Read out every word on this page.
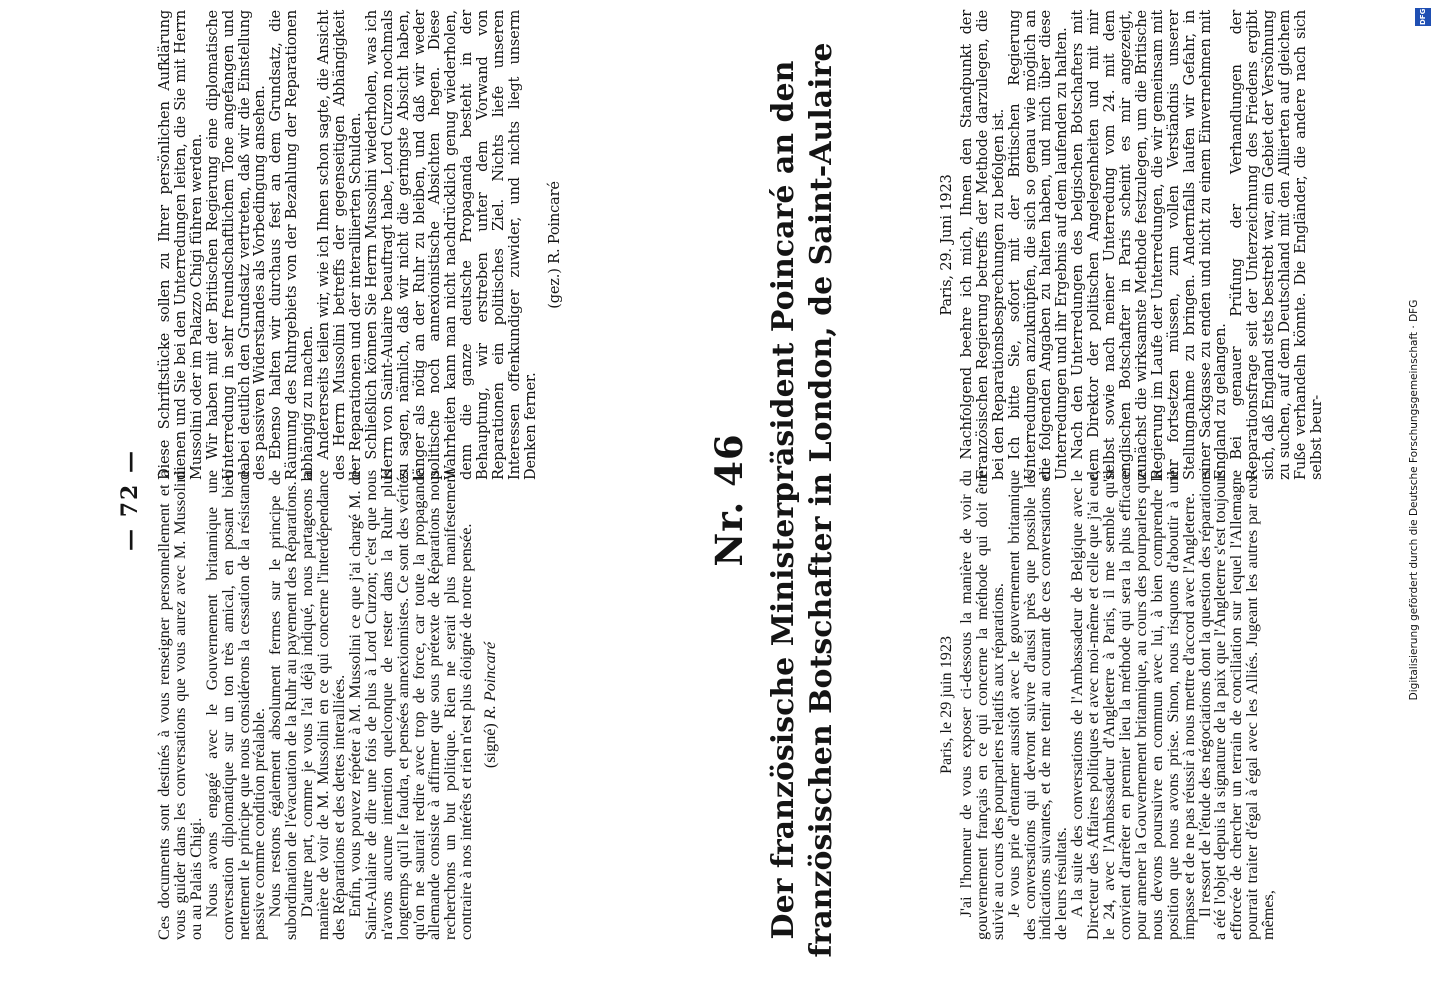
DFG
Digitalisierung gefördert durch die Deutsche Forschungsgemeinschaft · DFG
— 72 — Ces documents sont destinés à vous renseigner personnellement et à vous guider dans les conversations que vous aurez avec M. Mussolini ou au Palais Chigi.

Nous avons engagé avec le Gouvernement britannique une conversation diplomatique sur un ton très amical, en posant bien nettement le principe que nous considérons la cessation de la résistance passive comme condition préalable.

Nous restons également absolument fermes sur le principe de subordination de l'évacuation de la Ruhr au payement des Réparations.

D'autre part, comme je vous l'ai déjà indiqué, nous partageons la manière de voir de M. Mussolini en ce qui concerne l'interdépendance des Réparations et des dettes interalliées.

Enfin, vous pouvez répéter à M. Mussolini ce que j'ai chargé M. de Saint-Aulaire de dire une fois de plus à Lord Curzon; c'est que nous n'avons aucune intention quelconque de rester dans la Ruhr plus longtemps qu'il le faudra, et pensées annexionnistes. Ce sont des vérités qu'on ne saurait redire avec trop de force, car toute la propagande allemande consiste à affirmer que sous prétexte de Réparations nous recherchons un but politique. Rien ne serait plus manifestement contraire à nos intérêts et rien n'est plus éloigné de notre pensée. (signé) R. Poincaré

Diese Schriftstücke sollen zu Ihrer persönlichen Aufklärung dienen und Sie bei den Unterredungen leiten, die Sie mit Herrn Mussolini oder im Palazzo Chigi führen werden.

Wir haben mit der Britischen Regierung eine diplomatische Unterredung in sehr freundschaftlichem Tone angefangen und dabei deutlich den Grundsatz vertreten, daß wir die Einstellung des passiven Widerstandes als Vorbedingung ansehen.

Ebenso halten wir durchaus fest an dem Grundsatz, die Räumung des Ruhrgebiets von der Bezahlung der Reparationen abhängig zu machen.

Andererseits teilen wir, wie ich Ihnen schon sagte, die Ansicht des Herrn Mussolini betreffs der gegenseitigen Abhängigkeit der Reparationen und der interalliierten Schulden.

Schließlich können Sie Herrn Mussolini wiederholen, was ich Herrn von Saint-Aulaire beauftragt habe, Lord Curzon nochmals zu sagen, nämlich, daß wir nicht die geringste Absicht haben, länger als nötig an der Ruhr zu bleiben, und daß wir weder politische noch annexionistische Absichten hegen. Diese Wahrheiten kann man nicht nachdrücklich genug wiederholen, denn die ganze deutsche Propaganda besteht in der Behauptung, wir erstreben unter dem Vorwand von Reparationen ein politisches Ziel. Nichts liefe unseren Interessen offenkundiger zuwider, und nichts liegt unserm Denken ferner.

(gez.) R. Poincaré

Nr. 46 Der französische Ministerpräsident Poincaré an den französischen Botschafter in London, de Saint-Aulaire	Paris, le 29 juin 1923 J'ai l'honneur de vous exposer ci-dessous la manière de voir du gouvernement français en ce qui concerne la méthode qui doit être suivie au cours des pourparlers relatifs aux réparations.

Je vous prie d'entamer aussitôt avec le gouvernement britannique des conversations qui devront suivre d'aussi près que possible les indications suivantes, et de me tenir au courant de ces conversations et de leurs résultats.

A la suite des conversations de l'Ambassadeur de Belgique avec le Directeur des Affaires politiques et avec moi-même et celle que j'ai eue, le 24, avec l'Ambassadeur d'Angleterre à Paris, il me semble qu'il convient d'arrêter en premier lieu la méthode qui sera la plus efficace pour amener la Gouvernement britannique, au cours des pourparlers que nous devons poursuivre en commun avec lui, à bien comprendre la position que nous avons prise. Sinon, nous risquons d'aboutir à une impasse et de ne pas réussir à nous mettre d'accord avec l'Angleterre.

Il ressort de l'étude des négociations dont la question des réparations a été l'objet depuis la signature de la paix que l'Angleterre s'est toujours efforcée de chercher un terrain de conciliation sur lequel l'Allemagne pourrait traiter d'égal à égal avec les Alliés. Jugeant les autres par eux-mêmes,

Paris, 29. Juni 1923 Nachfolgend beehre ich mich, Ihnen den Standpunkt der Französischen Regierung betreffs der Methode darzulegen, die bei den Reparationsbesprechungen zu befolgen ist.

Ich bitte Sie, sofort mit der Britischen Regierung Unterredungen anzuknüpfen, die sich so genau wie möglich an die folgenden Angaben zu halten haben, und mich über diese Unterredungen und ihr Ergebnis auf dem laufenden zu halten.

Nach den Unterredungen des belgischen Botschafters mit dem Direktor der politischen Angelegenheiten und mit mir selbst sowie nach meiner Unterredung vom 24. mit dem englischen Botschafter in Paris scheint es mir angezeigt, zunächst die wirksamste Methode festzulegen, um die Britische Regierung im Laufe der Unterredungen, die wir gemeinsam mit ihr fortsetzen müssen, zum vollen Verständnis unserer Stellungnahme zu bringen. Andernfalls laufen wir Gefahr, in einer Sackgasse zu enden und nicht zu einem Einvernehmen mit England zu gelangen.

Bei genauer Prüfung der Verhandlungen der Reparationsfrage seit der Unterzeichnung des Friedens ergibt sich, daß England stets bestrebt war, ein Gebiet der Versöhnung zu suchen, auf dem Deutschland mit den Alliierten auf gleichem Fuße verhandeln könnte. Die Engländer, die andere nach sich selbst beur-
